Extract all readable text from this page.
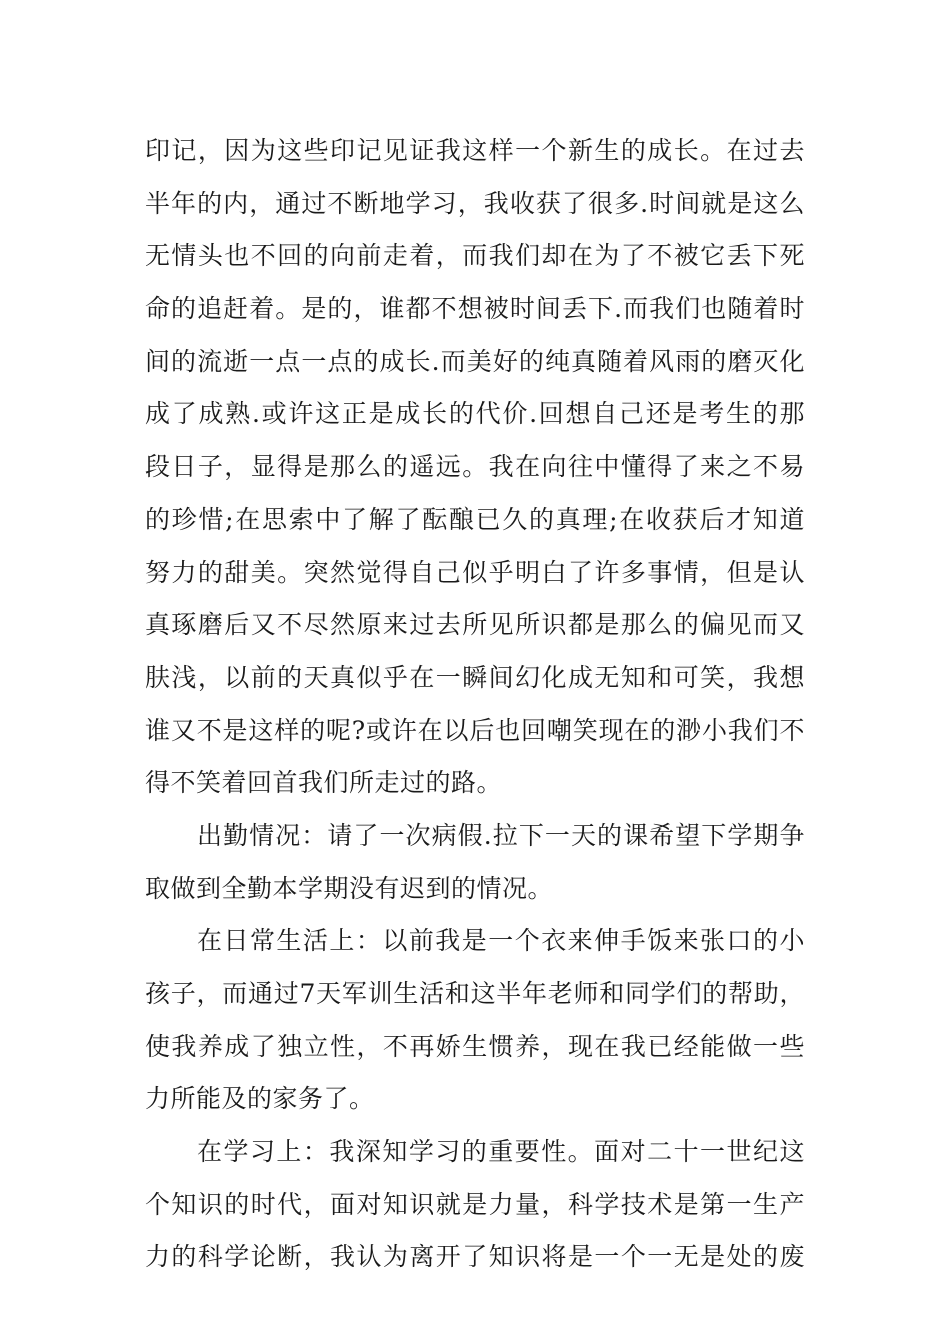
印记，因为这些印记见证我这样一个新生的成长。在过去
半年的内，通过不断地学习，我收获了很多.时间就是这么
无情头也不回的向前走着，而我们却在为了不被它丢下死
命的追赶着。是的，谁都不想被时间丢下.而我们也随着时
间的流逝一点一点的成长.而美好的纯真随着风雨的磨灭化
成了成熟.或许这正是成长的代价.回想自己还是考生的那
段日子，显得是那么的遥远。我在向往中懂得了来之不易
的珍惜;在思索中了解了酝酿已久的真理;在收获后才知道
努力的甜美。突然觉得自己似乎明白了许多事情，但是认
真琢磨后又不尽然原来过去所见所识都是那么的偏见而又
肤浅，以前的天真似乎在一瞬间幻化成无知和可笑，我想
谁又不是这样的呢?或许在以后也回嘲笑现在的渺小我们不
得不笑着回首我们所走过的路。
出勤情况：请了一次病假.拉下一天的课希望下学期争
取做到全勤本学期没有迟到的情况。
在日常生活上：以前我是一个衣来伸手饭来张口的小
孩子，而通过7天军训生活和这半年老师和同学们的帮助，
使我养成了独立性，不再娇生惯养，现在我已经能做一些
力所能及的家务了。
在学习上：我深知学习的重要性。面对二十一世纪这
个知识的时代，面对知识就是力量，科学技术是第一生产
力的科学论断，我认为离开了知识将是一个一无是处的废
